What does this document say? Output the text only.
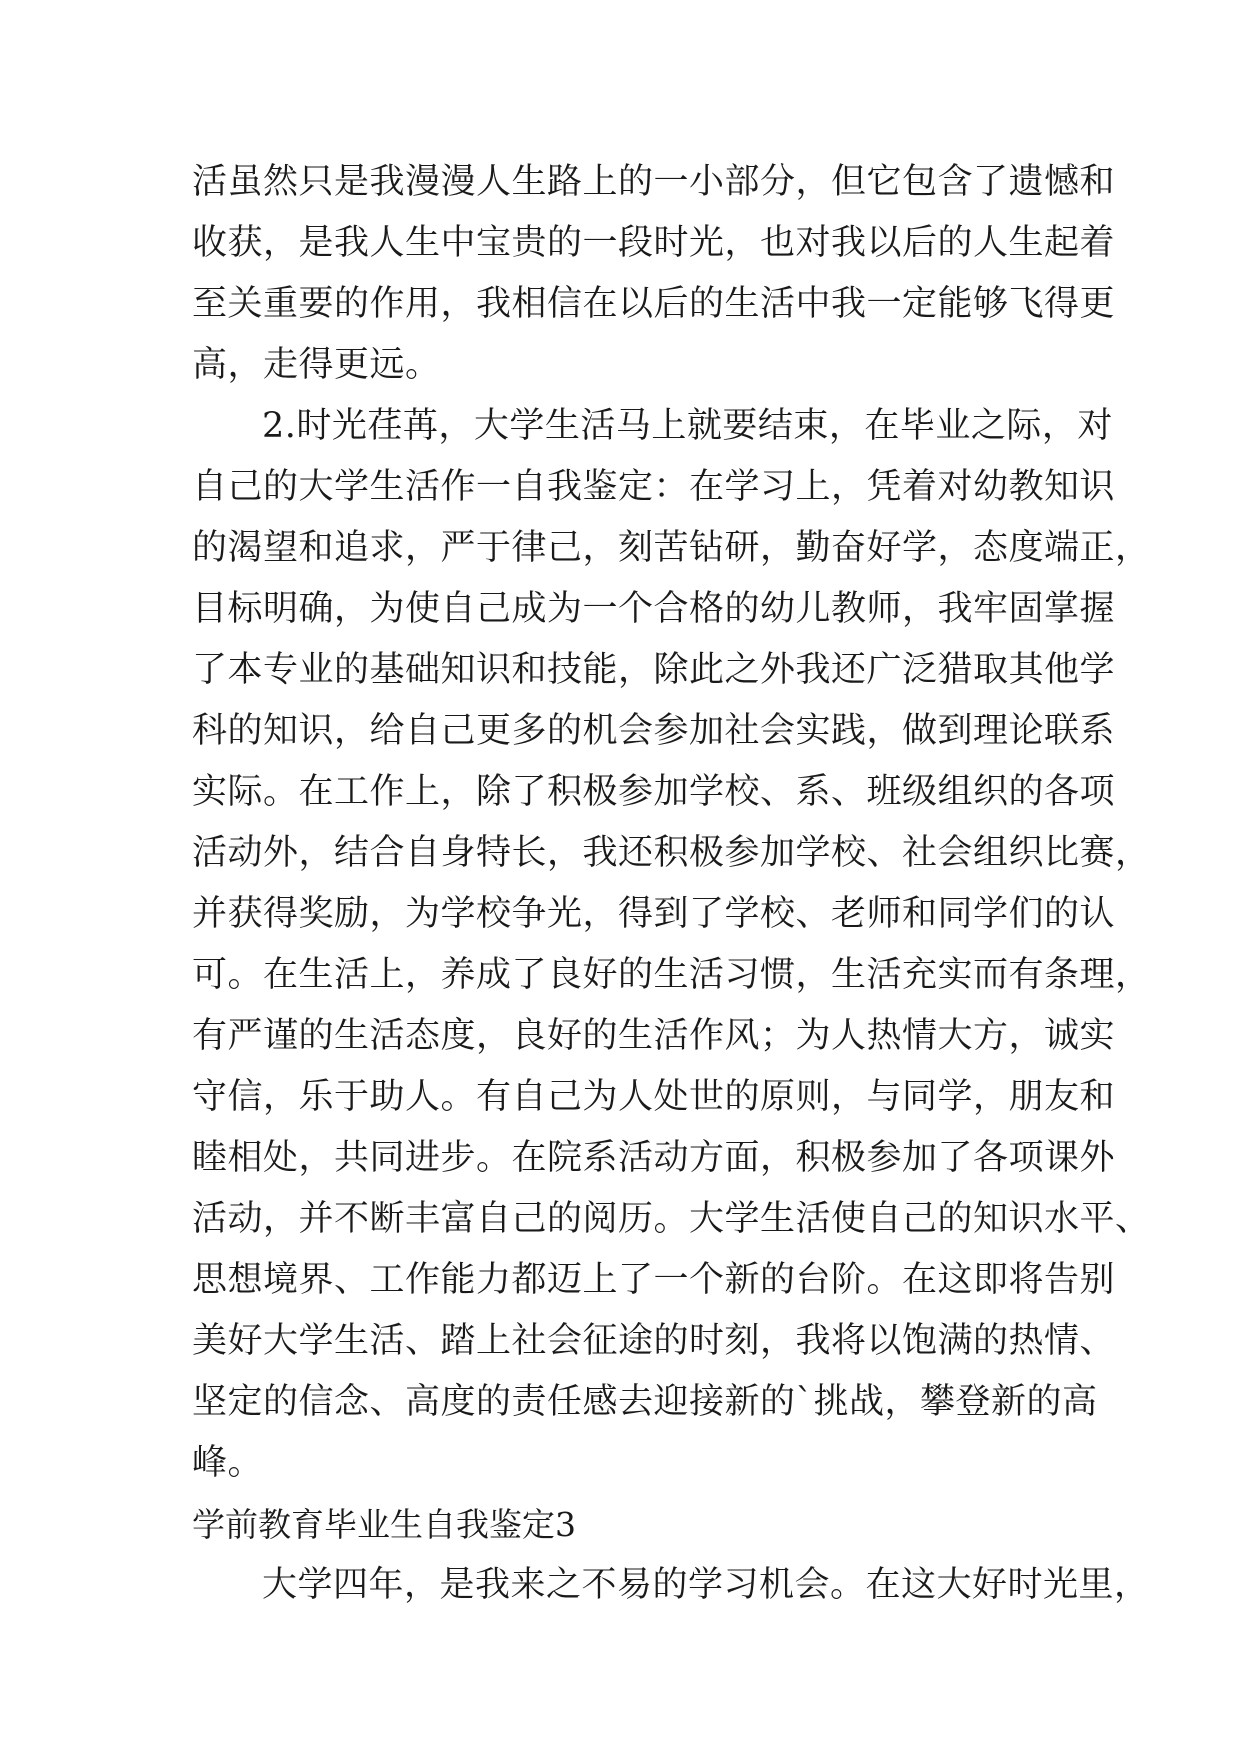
活虽然只是我漫漫人生路上的一小部分，但它包含了遗憾和
收获，是我人生中宝贵的一段时光，也对我以后的人生起着
至关重要的作用，我相信在以后的生活中我一定能够飞得更
高，走得更远。
2.时光荏苒，大学生活马上就要结束，在毕业之际，对
自己的大学生活作一自我鉴定：在学习上，凭着对幼教知识
的渴望和追求，严于律己，刻苦钻研，勤奋好学，态度端正，
目标明确，为使自己成为一个合格的幼儿教师，我牢固掌握
了本专业的基础知识和技能，除此之外我还广泛猎取其他学
科的知识，给自己更多的机会参加社会实践，做到理论联系
实际。在工作上，除了积极参加学校、系、班级组织的各项
活动外，结合自身特长，我还积极参加学校、社会组织比赛，
并获得奖励，为学校争光，得到了学校、老师和同学们的认
可。在生活上，养成了良好的生活习惯，生活充实而有条理，
有严谨的生活态度，良好的生活作风；为人热情大方，诚实
守信，乐于助人。有自己为人处世的原则，与同学，朋友和
睦相处，共同进步。在院系活动方面，积极参加了各项课外
活动，并不断丰富自己的阅历。大学生活使自己的知识水平、
思想境界、工作能力都迈上了一个新的台阶。在这即将告别
美好大学生活、踏上社会征途的时刻，我将以饱满的热情、
坚定的信念、高度的责任感去迎接新的`挑战，攀登新的高
峰。
学前教育毕业生自我鉴定3
大学四年，是我来之不易的学习机会。在这大好时光里，
